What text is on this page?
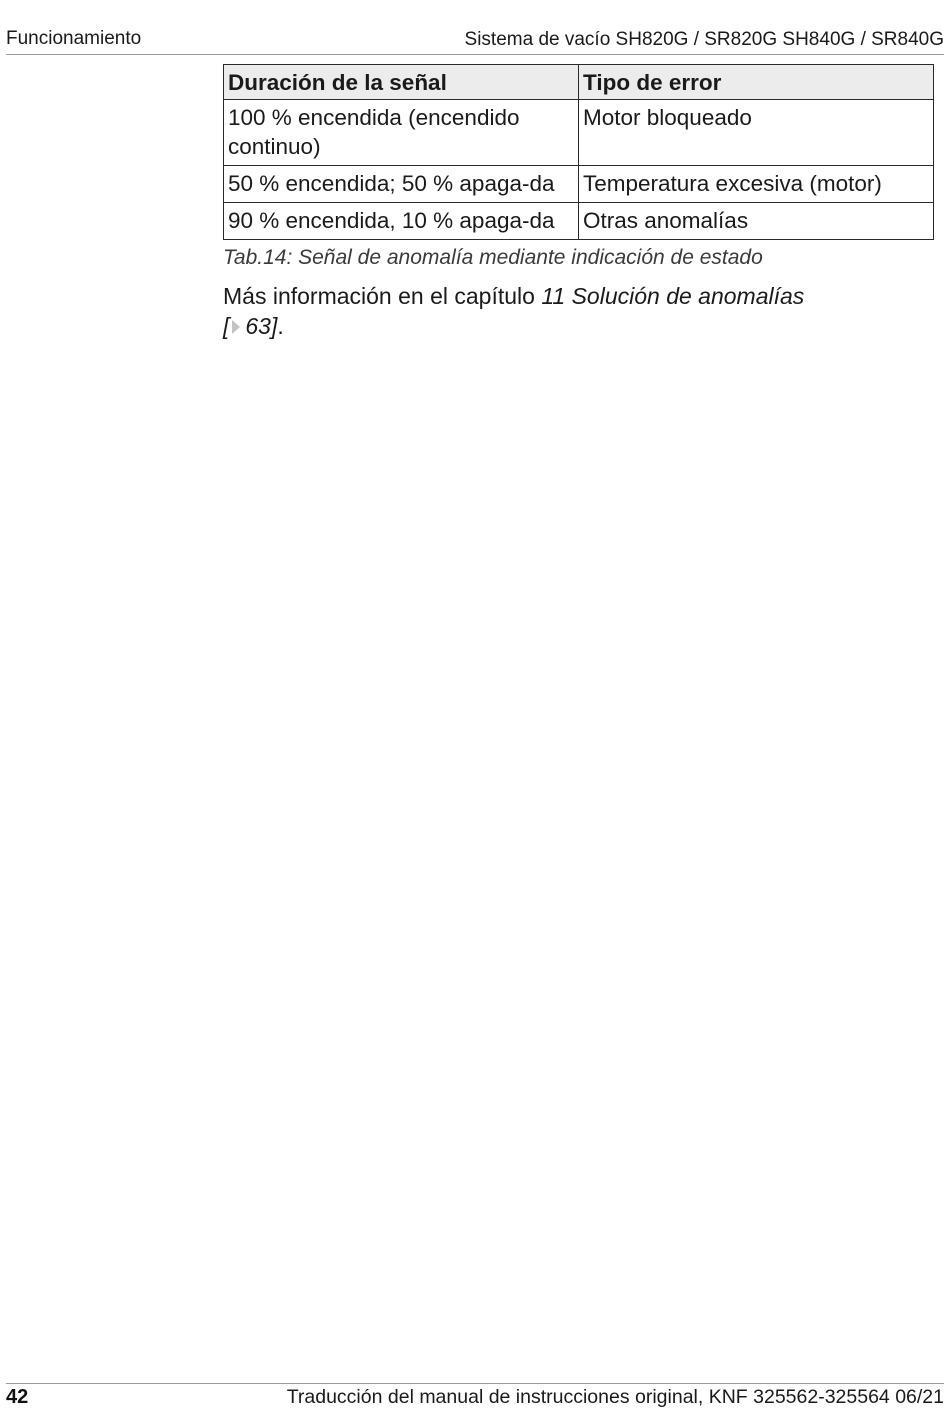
Funcionamiento	Sistema de vacío SH820G / SR820G SH840G / SR840G
Duración de la señal	Tipo de error
100 % encendida (encendido continuo)	Motor bloqueado
50 % encendida; 50 % apaga-da	Temperatura excesiva (motor)
90 % encendida, 10 % apaga-da	Otras anomalías
Tab.14: Señal de anomalía mediante indicación de estado

Más información en el capítulo 11 Solución de anomalías
[ 63].

42	Traducción del manual de instrucciones original, KNF 325562-325564 06/21
